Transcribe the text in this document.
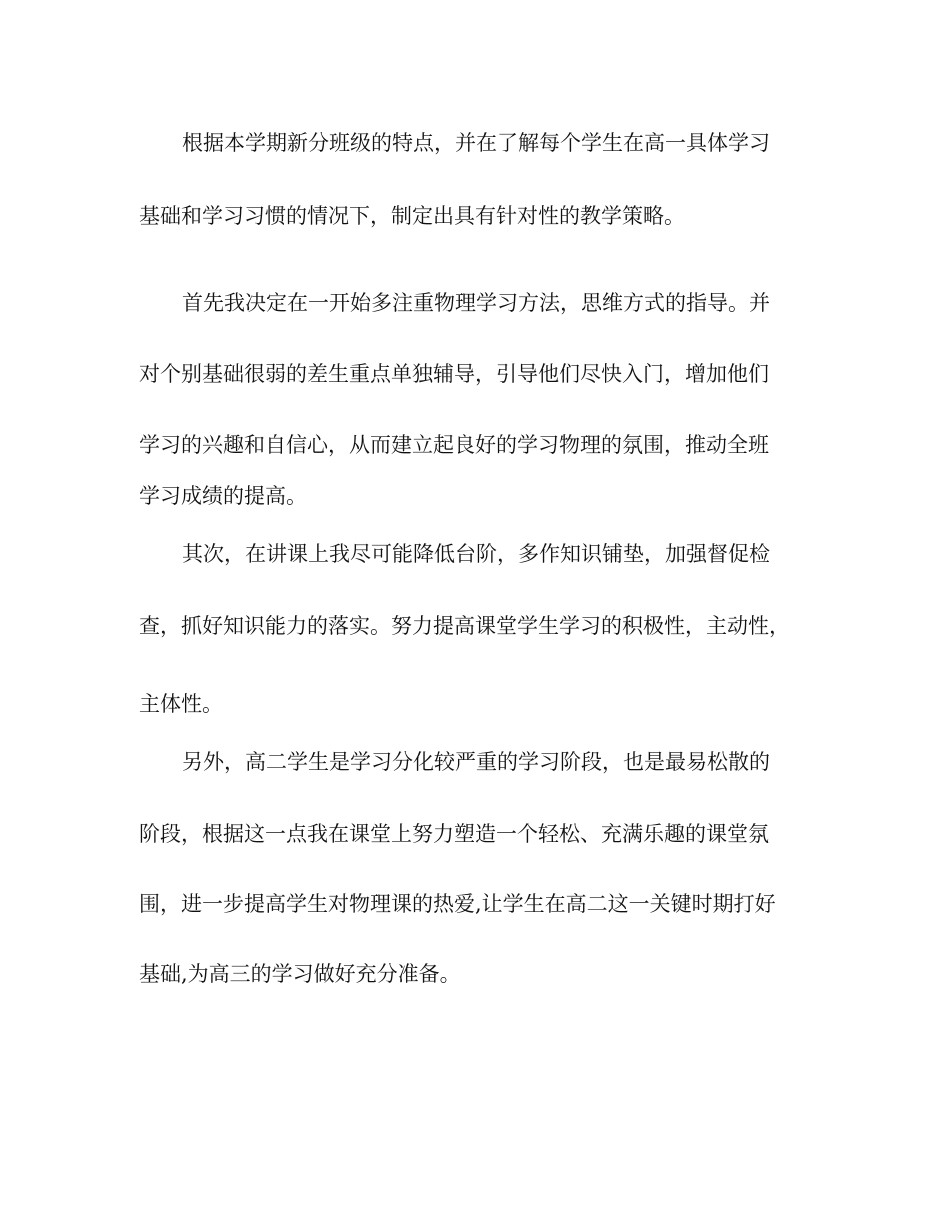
根据本学期新分班级的特点，并在了解每个学生在高一具体学习
基础和学习习惯的情况下，制定出具有针对性的教学策略。
首先我决定在一开始多注重物理学习方法，思维方式的指导。并
对个别基础很弱的差生重点单独辅导，引导他们尽快入门，增加他们
学习的兴趣和自信心，从而建立起良好的学习物理的氛围，推动全班
学习成绩的提高。
其次，在讲课上我尽可能降低台阶，多作知识铺垫，加强督促检
查，抓好知识能力的落实。努力提高课堂学生学习的积极性，主动性，
主体性。
另外，高二学生是学习分化较严重的学习阶段，也是最易松散的
阶段，根据这一点我在课堂上努力塑造一个轻松、充满乐趣的课堂氛
围，进一步提高学生对物理课的热爱,让学生在高二这一关键时期打好
基础,为高三的学习做好充分准备。
